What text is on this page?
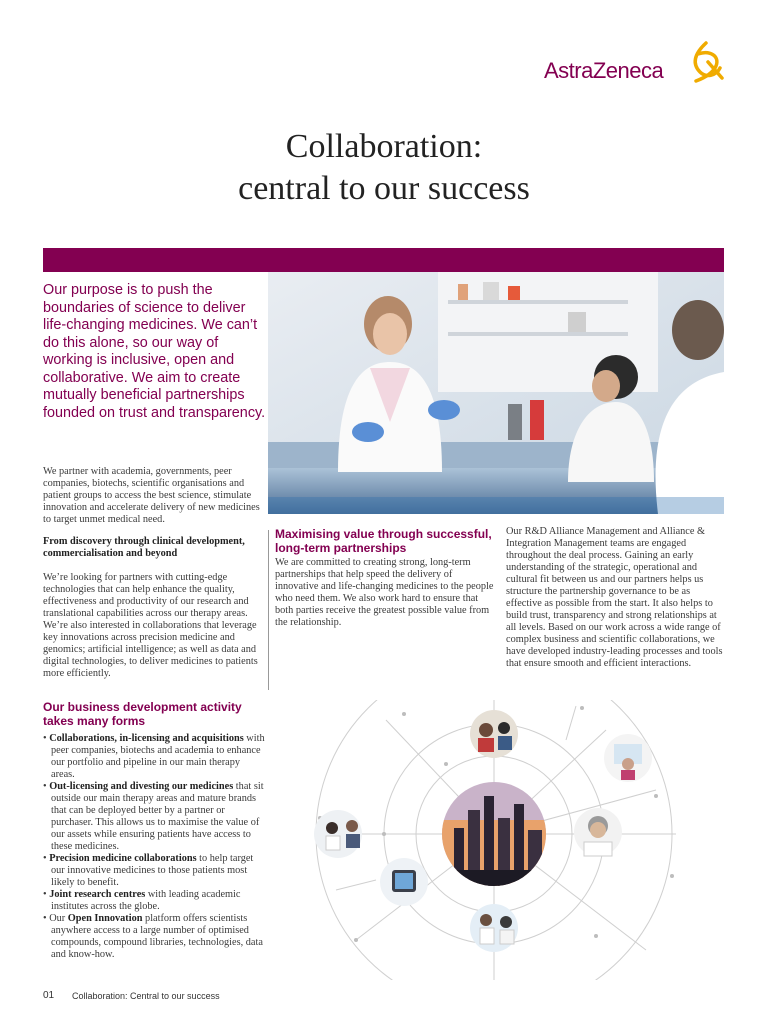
AstraZeneca
Collaboration:
central to our success
Our purpose is to push the boundaries of science to deliver life-changing medicines. We can’t do this alone, so our way of working is inclusive, open and collaborative. We aim to create mutually beneficial partnerships founded on trust and transparency.
We partner with academia, governments, peer companies, biotechs, scientific organisations and patient groups to access the best science, stimulate innovation and accelerate delivery of new medicines to target unmet medical need.
From discovery through clinical development, commercialisation and beyond
We’re looking for partners with cutting-edge technologies that can help enhance the quality, effectiveness and productivity of our research and translational capabilities across our therapy areas. We’re also interested in collaborations that leverage key innovations across precision medicine and genomics; artificial intelligence; as well as data and digital technologies, to deliver medicines to patients more efficiently.
Our business development activity takes many forms
• Collaborations, in-licensing and acquisitions with peer companies, biotechs and academia to enhance our portfolio and pipeline in our main therapy areas.
• Out-licensing and divesting our medicines that sit outside our main therapy areas and mature brands that can be deployed better by a partner or purchaser. This allows us to maximise the value of our assets while ensuring patients have access to these medicines.
• Precision medicine collaborations to help target our innovative medicines to those patients most likely to benefit.
• Joint research centres with leading academic institutes across the globe.
• Our Open Innovation platform offers scientists anywhere access to a large number of optimised compounds, compound libraries, technologies, data and know-how.
Maximising value through successful, long-term partnerships
We are committed to creating strong, long-term partnerships that help speed the delivery of innovative and life-changing medicines to the people who need them. We also work hard to ensure that both parties receive the greatest possible value from the relationship.
Our R&D Alliance Management and Alliance & Integration Management teams are engaged throughout the deal process. Gaining an early understanding of the strategic, operational and cultural fit between us and our partners helps us structure the partnership governance to be as effective as possible from the start. It also helps to build trust, transparency and strong relationships at all levels. Based on our work across a wide range of complex business and scientific collaborations, we have developed industry-leading processes and tools that ensure smooth and efficient interactions.
01 Collaboration: Central to our success
